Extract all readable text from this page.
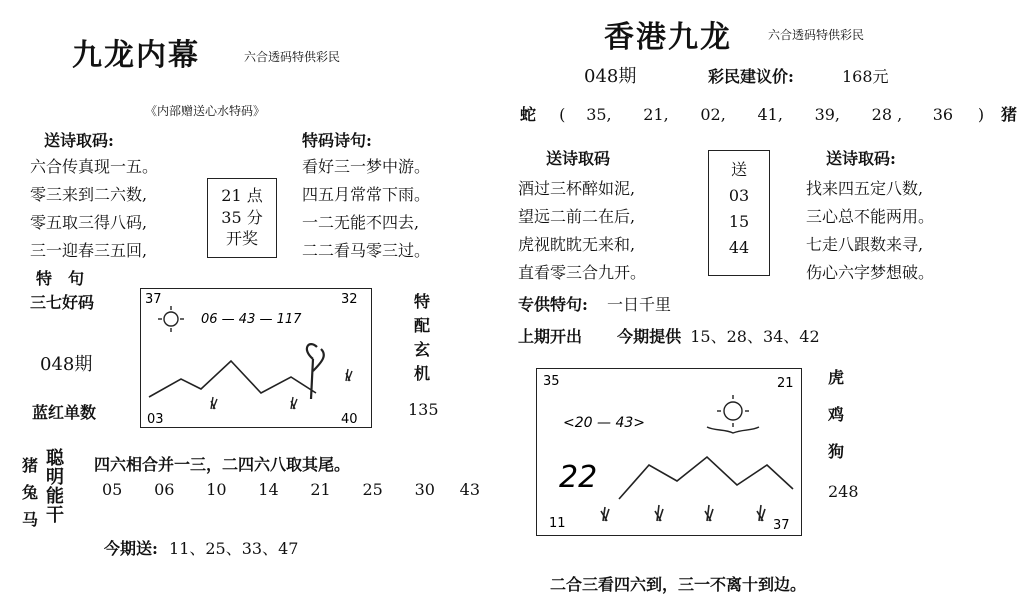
九龙内幕	六合透码特供彩民
《内部赠送心水特码》
送诗取码:	特码诗句:
六合传真现一五。
零三来到二六数,
零五取三得八码,
三一迎春三五回,
看好三一梦中游。
四五月常常下雨。
一二无能不四去,
二二看马零三过。
21 点
35 分
开奖
特　句
三七好码
048期
蓝红单数
37	32
03	40
06 — 43 — 117
特
配
玄
机
135
猪
兔
马
聪
明
能
干
四六相合并一三，二四六八取其尾。
05 06 10 14 21 25 30 43
今期送: 11、25、33、47
香港九龙	六合透码特供彩民
048期	彩民建议价:	168元
蛇 ( 35, 21, 02, 41, 39, 28 , 36 ) 猪
送诗取码	送诗取码:
酒过三杯醉如泥,
望远二前二在后,
虎视眈眈无来和,
直看零三合九开。
找来四五定八数,
三心总不能两用。
七走八跟数来寻,
伤心六字梦想破。
送
03
15
44
专供特句: 一日千里
上期开出 今期提供 15、28、34、42
35	21
11	37
<20 — 43>
22
虎
鸡
狗
248
二合三看四六到，三一不离十到边。
